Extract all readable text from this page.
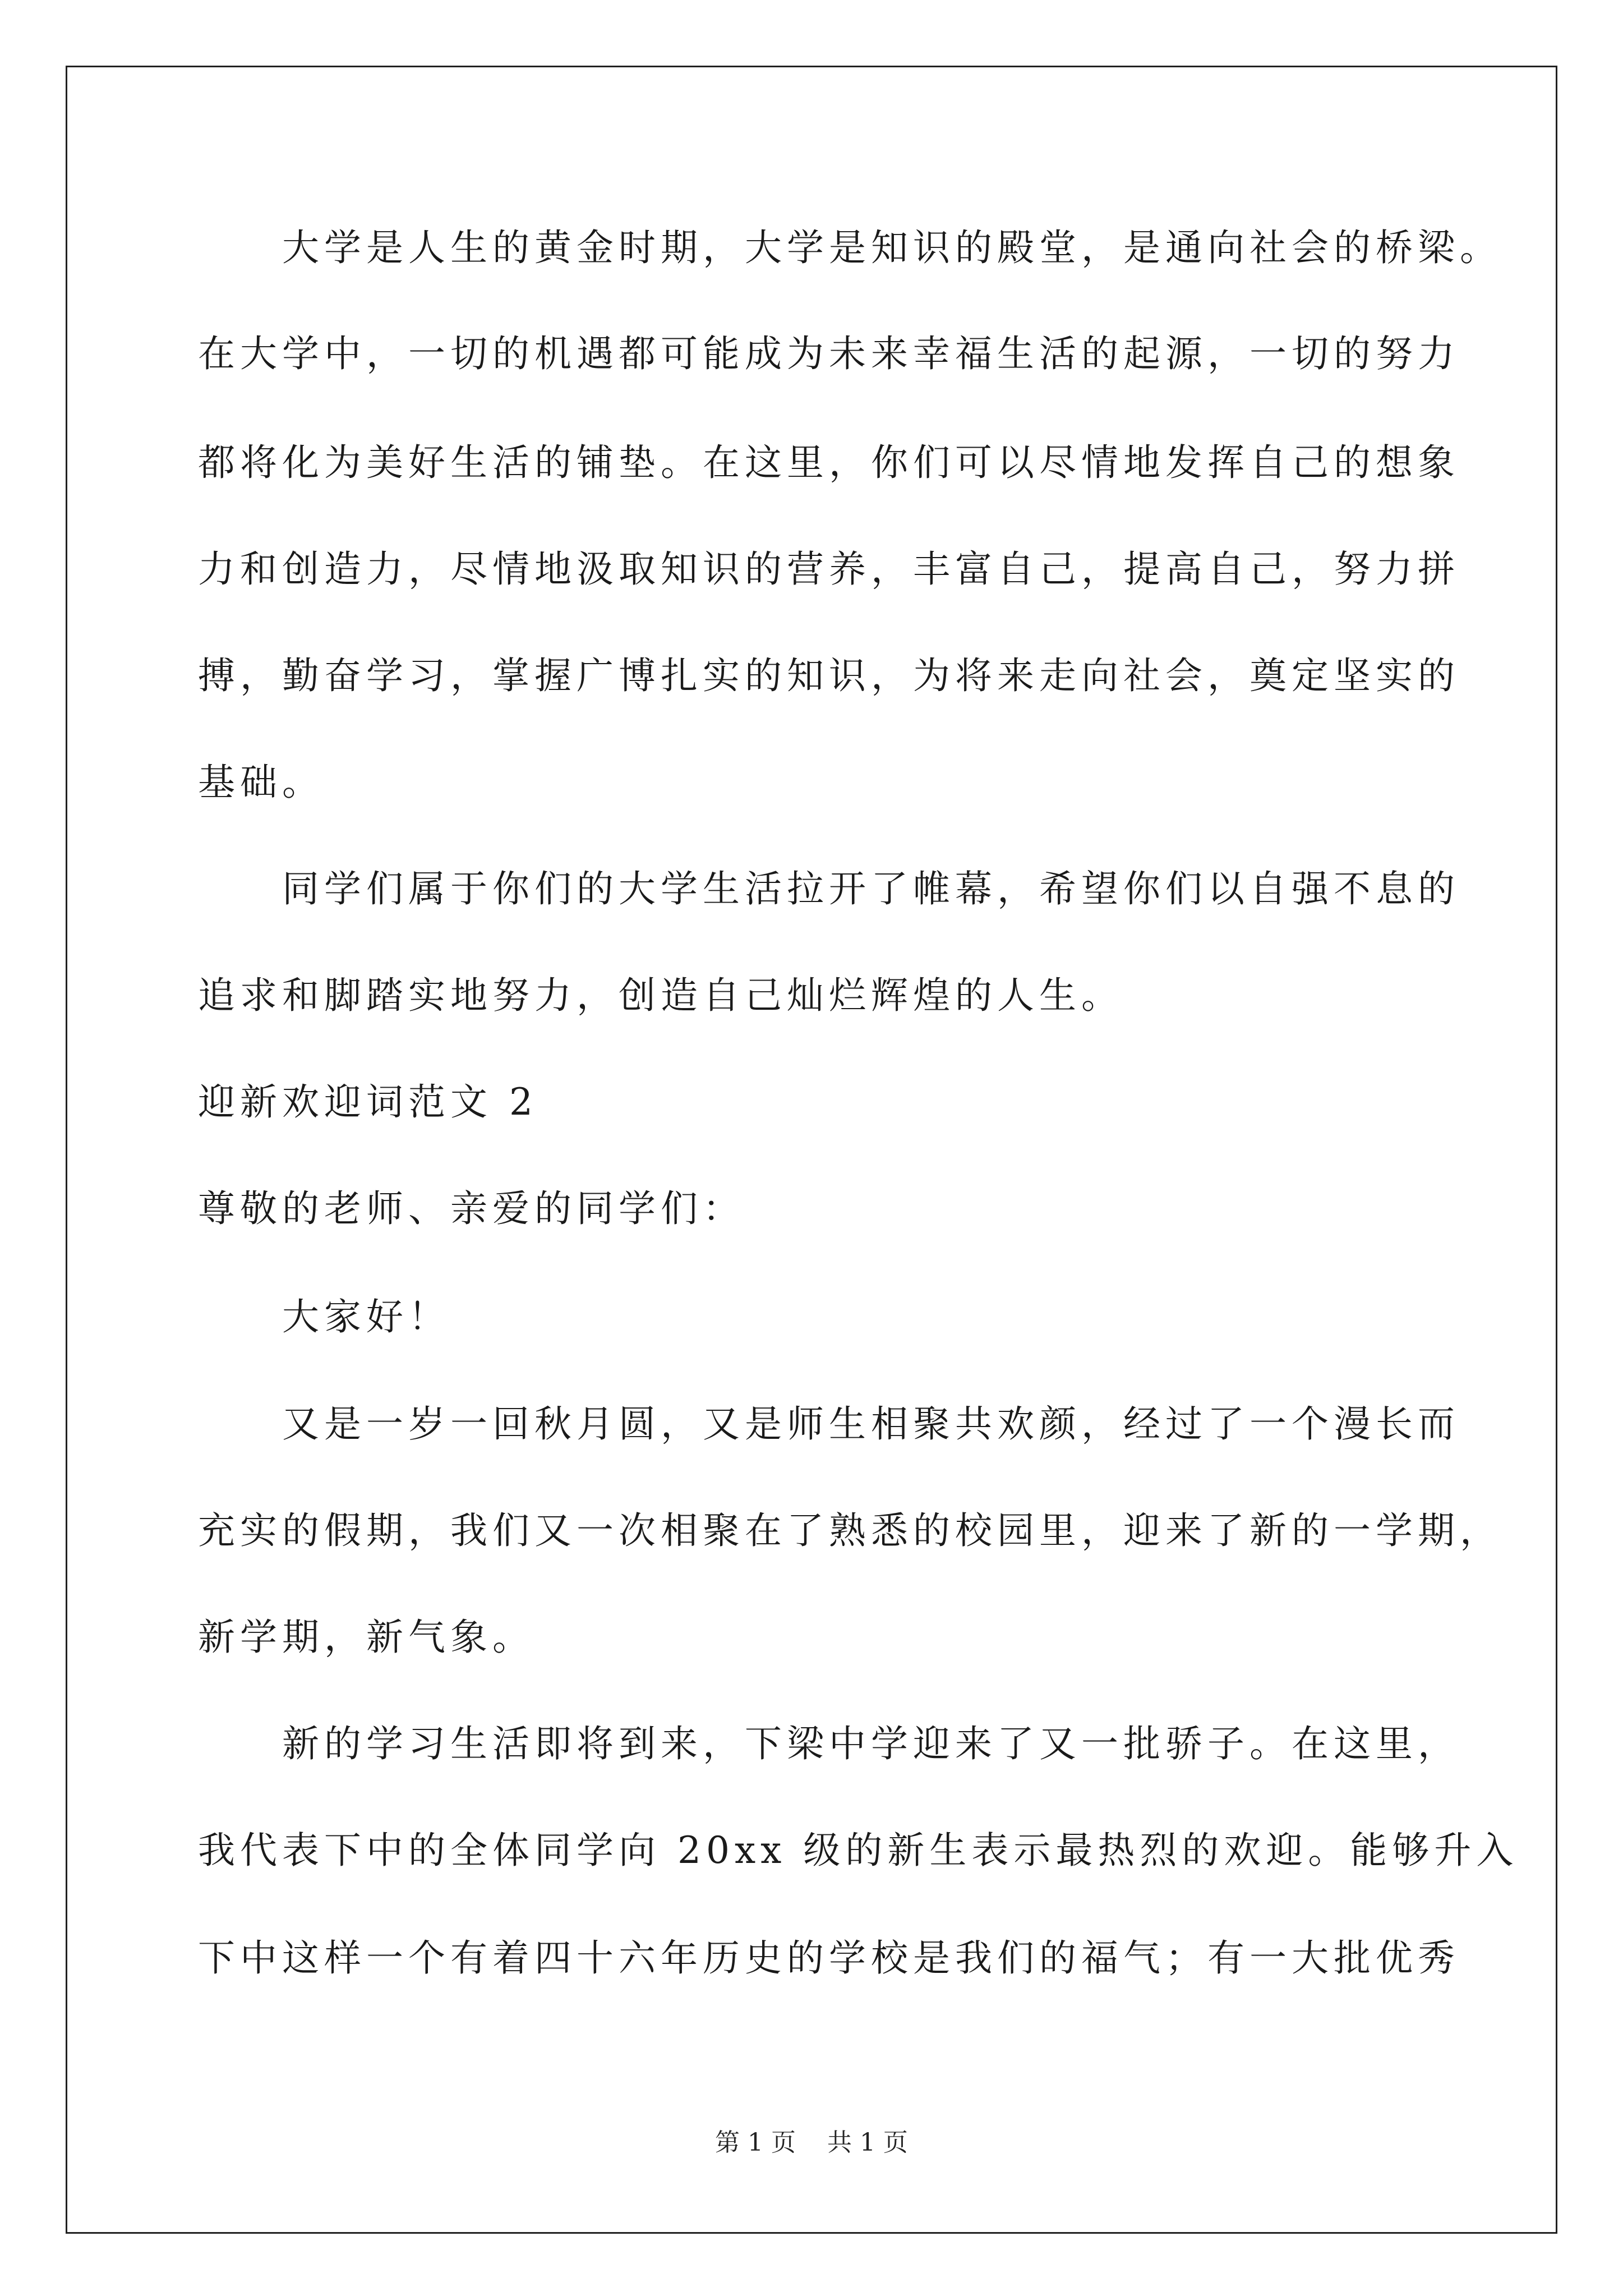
大学是人生的黄金时期，大学是知识的殿堂，是通向社会的桥梁。
在大学中，一切的机遇都可能成为未来幸福生活的起源，一切的努力
都将化为美好生活的铺垫。在这里，你们可以尽情地发挥自己的想象
力和创造力，尽情地汲取知识的营养，丰富自己，提高自己，努力拼
搏，勤奋学习，掌握广博扎实的知识，为将来走向社会，奠定坚实的
基础。
同学们属于你们的大学生活拉开了帷幕，希望你们以自强不息的
追求和脚踏实地努力，创造自己灿烂辉煌的人生。
迎新欢迎词范文 2
尊敬的老师、亲爱的同学们：
大家好！
又是一岁一回秋月圆，又是师生相聚共欢颜，经过了一个漫长而
充实的假期，我们又一次相聚在了熟悉的校园里，迎来了新的一学期，
新学期，新气象。
新的学习生活即将到来，下梁中学迎来了又一批骄子。在这里，
我代表下中的全体同学向 20xx 级的新生表示最热烈的欢迎。能够升入
下中这样一个有着四十六年历史的学校是我们的福气；有一大批优秀
第 1 页    共 1 页
